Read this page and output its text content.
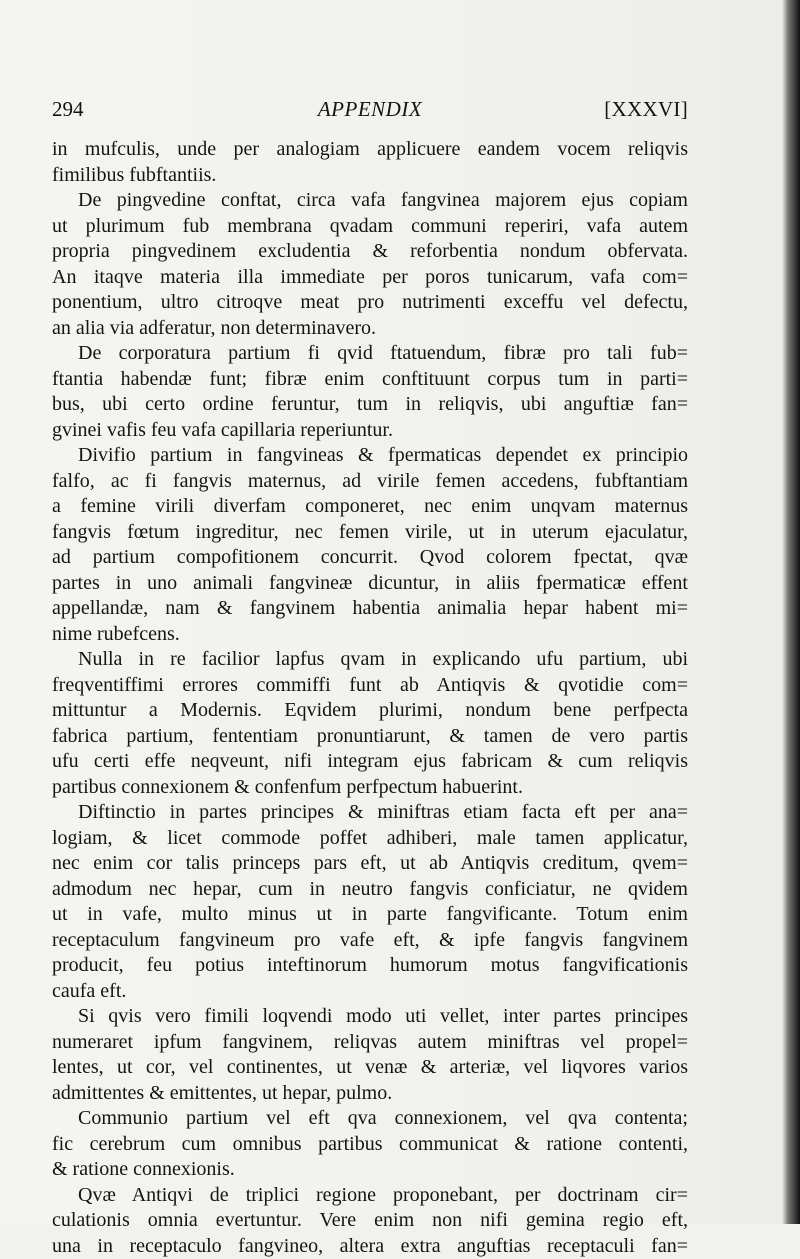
294	APPENDIX	[XXXVI]
in mufculis, unde per analogiam applicuere eandem vocem reliqvis
fimilibus fubftantiis.
De pingvedine conftat, circa vafa fangvinea majorem ejus copiam
ut plurimum fub membrana qvadam communi reperiri, vafa autem
propria pingvedinem excludentia & reforbentia nondum obfervata.
An itaqve materia illa immediate per poros tunicarum, vafa com=
ponentium, ultro citroqve meat pro nutrimenti exceffu vel defectu,
an alia via adferatur, non determinavero.
De corporatura partium fi qvid ftatuendum, fibræ pro tali fub=
ftantia habendæ funt; fibræ enim conftituunt corpus tum in parti=
bus, ubi certo ordine feruntur, tum in reliqvis, ubi anguftiæ fan=
gvinei vafis feu vafa capillaria reperiuntur.
Divifio partium in fangvineas & fpermaticas dependet ex principio
falfo, ac fi fangvis maternus, ad virile femen accedens, fubftantiam
a femine virili diverfam componeret, nec enim unqvam maternus
fangvis fœtum ingreditur, nec femen virile, ut in uterum ejaculatur,
ad partium compofitionem concurrit. Qvod colorem fpectat, qvæ
partes in uno animali fangvineæ dicuntur, in aliis fpermaticæ effent
appellandæ, nam & fangvinem habentia animalia hepar habent mi=
nime rubefcens.
Nulla in re facilior lapfus qvam in explicando ufu partium, ubi
freqventiffimi errores commiffi funt ab Antiqvis & qvotidie com=
mittuntur a Modernis. Eqvidem plurimi, nondum bene perfpecta
fabrica partium, fententiam pronuntiarunt, & tamen de vero partis
ufu certi effe neqveunt, nifi integram ejus fabricam & cum reliqvis
partibus connexionem & confenfum perfpectum habuerint.
Diftinctio in partes principes & miniftras etiam facta eft per ana=
logiam, & licet commode poffet adhiberi, male tamen applicatur,
nec enim cor talis princeps pars eft, ut ab Antiqvis creditum, qvem=
admodum nec hepar, cum in neutro fangvis conficiatur, ne qvidem
ut in vafe, multo minus ut in parte fangvificante. Totum enim
receptaculum fangvineum pro vafe eft, & ipfe fangvis fangvinem
producit, feu potius inteftinorum humorum motus fangvificationis
caufa eft.
Si qvis vero fimili loqvendi modo uti vellet, inter partes principes
numeraret ipfum fangvinem, reliqvas autem miniftras vel propel=
lentes, ut cor, vel continentes, ut venæ & arteriæ, vel liqvores varios
admittentes & emittentes, ut hepar, pulmo.
Communio partium vel eft qva connexionem, vel qva contenta;
fic cerebrum cum omnibus partibus communicat & ratione contenti,
& ratione connexionis.
Qvæ Antiqvi de triplici regione proponebant, per doctrinam cir=
culationis omnia evertuntur. Vere enim non nifi gemina regio eft,
una in receptaculo fangvineo, altera extra anguftias receptaculi fan=
